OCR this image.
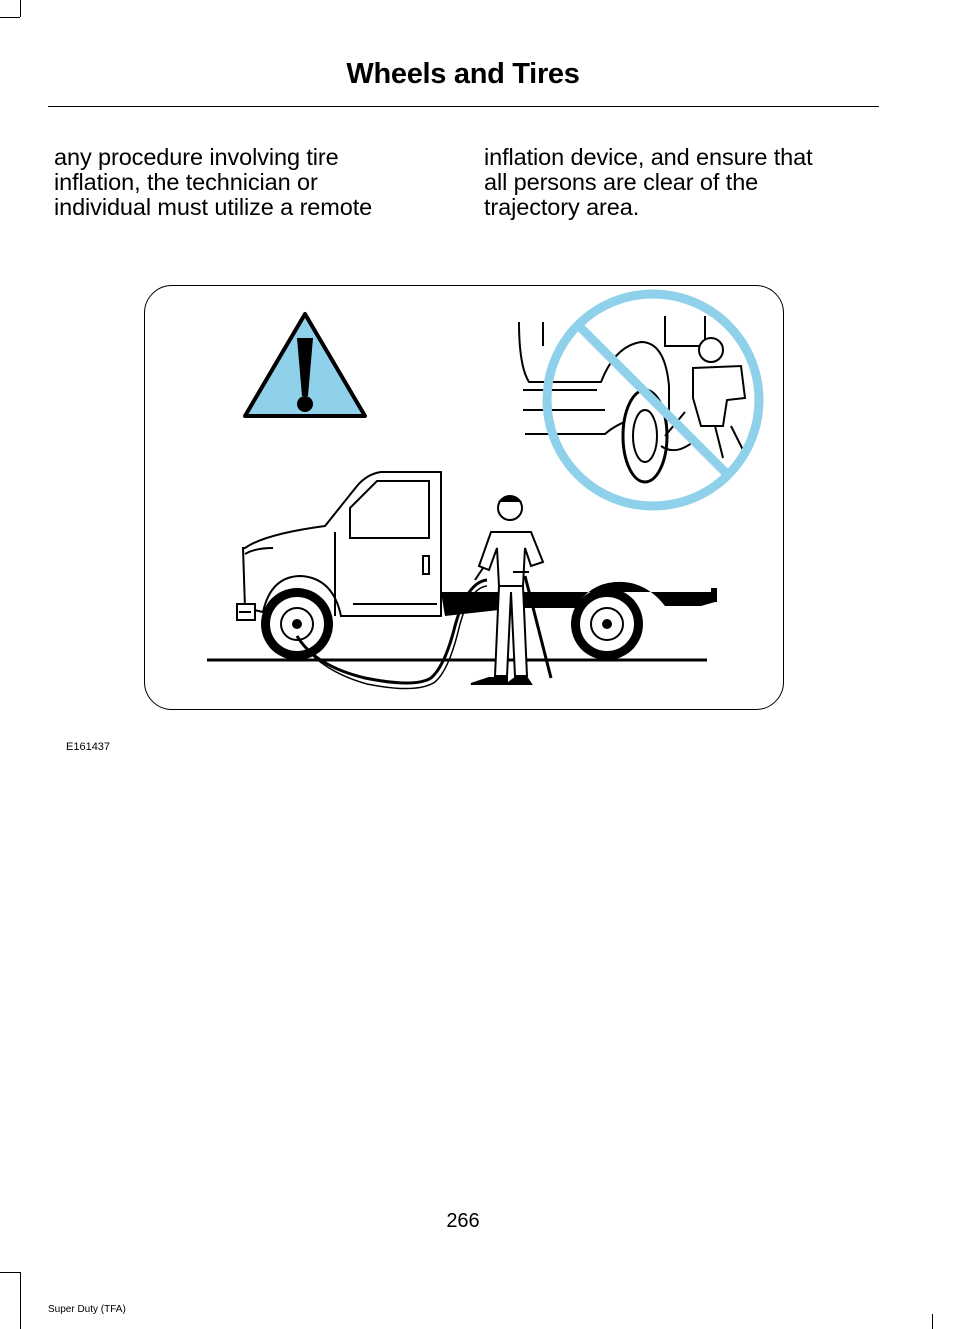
Wheels and Tires
any procedure involving tire
inflation, the technician or
individual must utilize a remote
inflation device, and ensure that
all persons are clear of the
trajectory area.
E161437
266
Super Duty (TFA)
